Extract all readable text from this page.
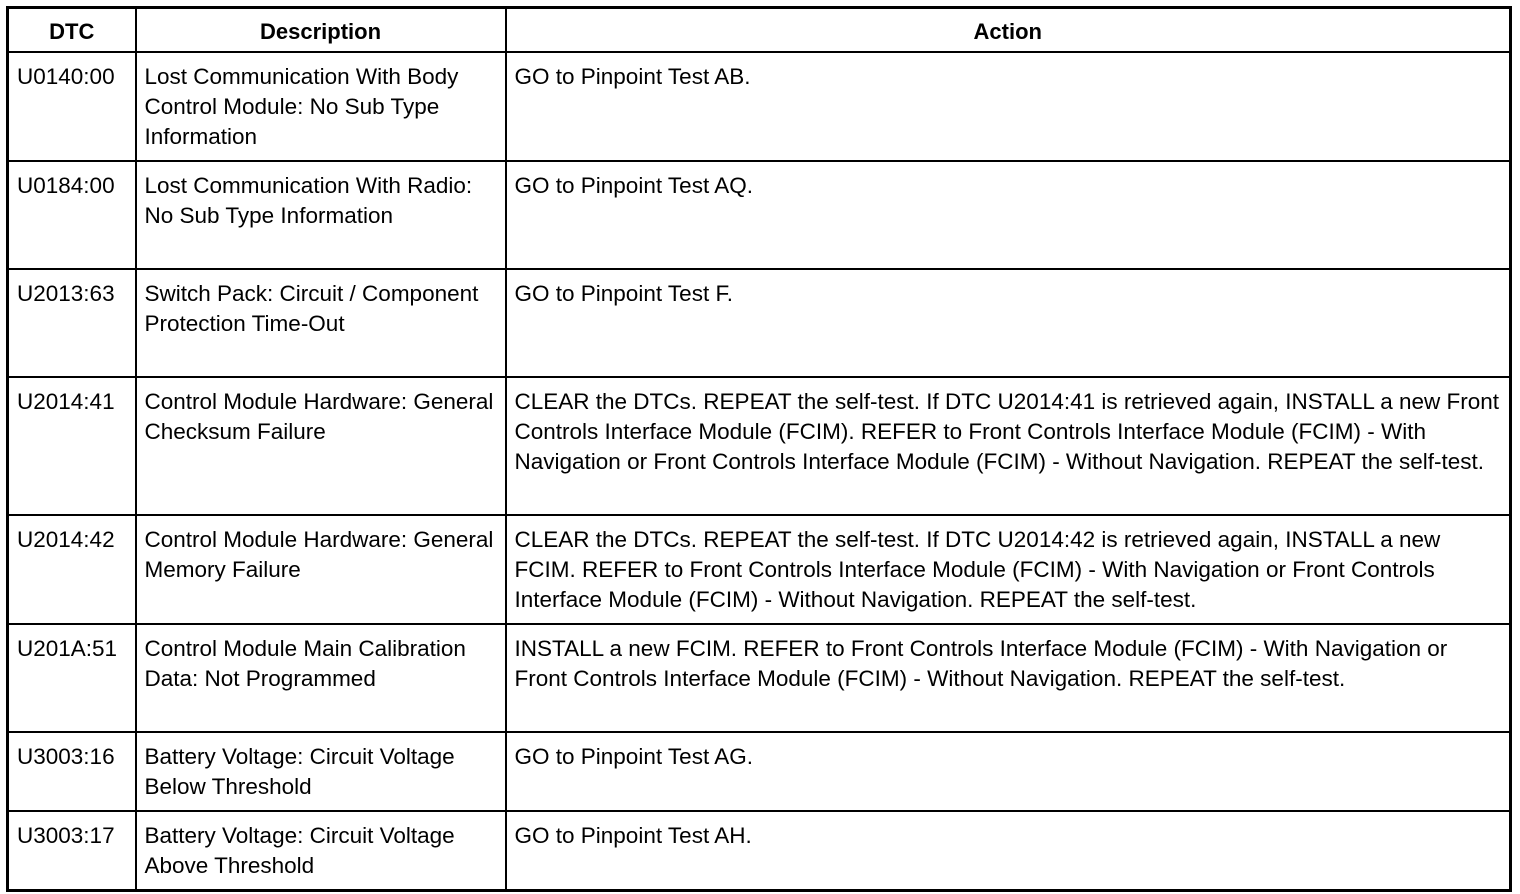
DTC	Description	Action
U0140:00	Lost Communication With Body Control Module: No Sub Type Information	GO to Pinpoint Test AB.
U0184:00	Lost Communication With Radio: No Sub Type Information	GO to Pinpoint Test AQ.
U2013:63	Switch Pack: Circuit / Component Protection Time-Out	GO to Pinpoint Test F.
U2014:41	Control Module Hardware: General Checksum Failure	CLEAR the DTCs. REPEAT the self-test. If DTC U2014:41 is retrieved again, INSTALL a new Front Controls Interface Module (FCIM). REFER to Front Controls Interface Module (FCIM) - With Navigation or Front Controls Interface Module (FCIM) - Without Navigation. REPEAT the self-test.
U2014:42	Control Module Hardware: General Memory Failure	CLEAR the DTCs. REPEAT the self-test. If DTC U2014:42 is retrieved again, INSTALL a new FCIM. REFER to Front Controls Interface Module (FCIM) - With Navigation or Front Controls Interface Module (FCIM) - Without Navigation. REPEAT the self-test.
U201A:51	Control Module Main Calibration Data: Not Programmed	INSTALL a new FCIM. REFER to Front Controls Interface Module (FCIM) - With Navigation or Front Controls Interface Module (FCIM) - Without Navigation. REPEAT the self-test.
U3003:16	Battery Voltage: Circuit Voltage Below Threshold	GO to Pinpoint Test AG.
U3003:17	Battery Voltage: Circuit Voltage Above Threshold	GO to Pinpoint Test AH.
